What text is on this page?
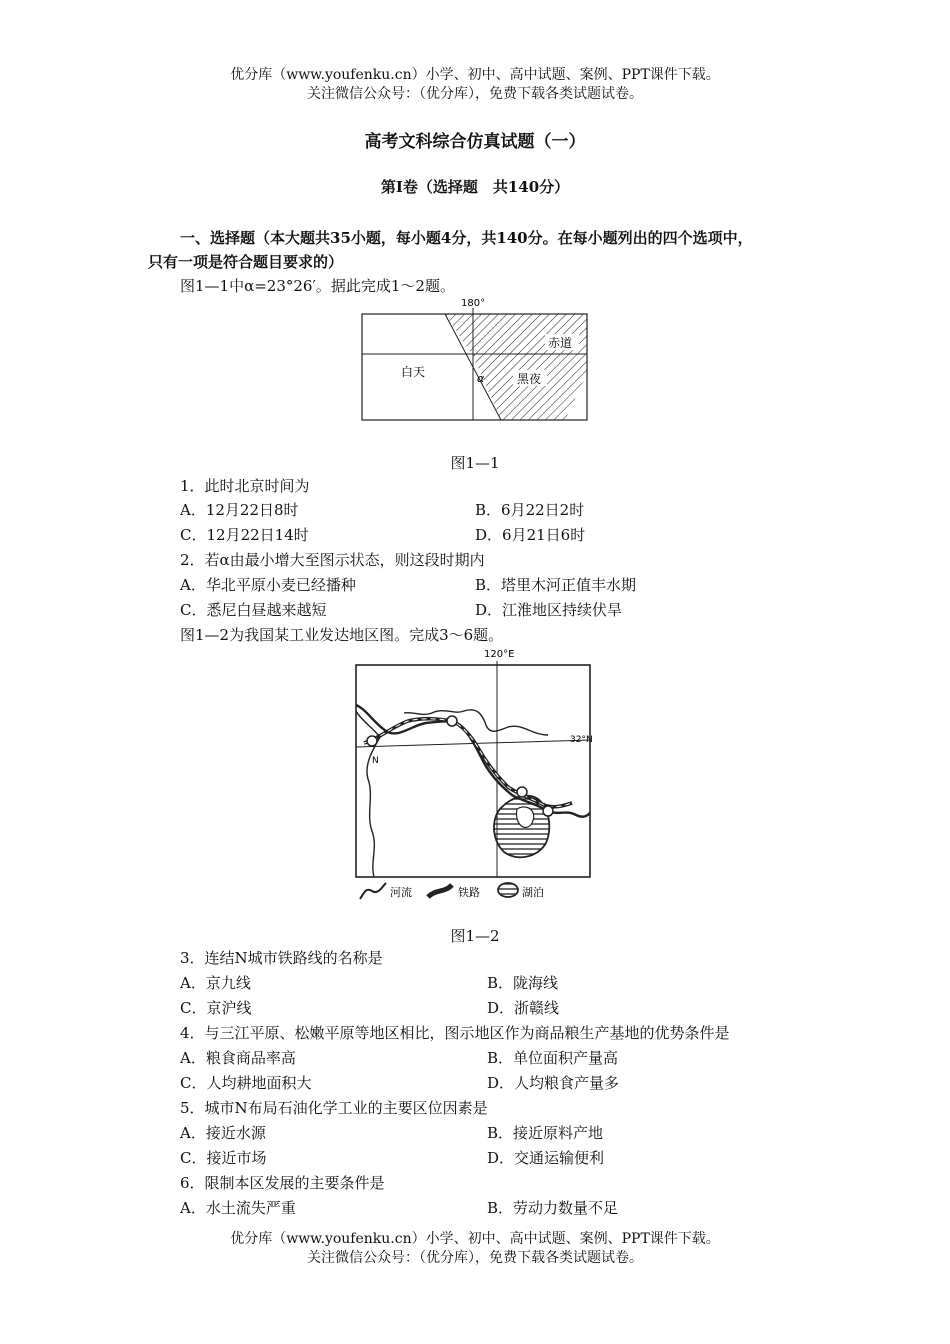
优分库（www.youfenku.cn）小学、初中、高中试题、案例、PPT课件下载。
关注微信公众号：（优分库），免费下载各类试题试卷。
高考文科综合仿真试题（一）
第Ⅰ卷（选择题　共140分）
一、选择题（本大题共35小题，每小题4分，共140分。在每小题列出的四个选项中，
只有一项是符合题目要求的）
图1—1中α=23°26′。据此完成1～2题。
180°
赤道
白天	黑夜
α
图1—1
1．此时北京时间为
A．12月22日8时	B．6月22日2时
C．12月22日14时	D．6月21日6时
2．若α由最小增大至图示状态，则这段时期内
A．华北平原小麦已经播种	B．塔里木河正值丰水期
C．悉尼白昼越来越短	D．江淮地区持续伏旱
图1—2为我国某工业发达地区图。完成3～6题。
120°E
32°N
N
河流	铁路	湖泊
图1—2
3．连结N城市铁路线的名称是
A．京九线	B．陇海线
C．京沪线	D．浙赣线
4．与三江平原、松嫩平原等地区相比，图示地区作为商品粮生产基地的优势条件是
A．粮食商品率高	B．单位面积产量高
C．人均耕地面积大	D．人均粮食产量多
5．城市N布局石油化学工业的主要区位因素是
A．接近水源	B．接近原料产地
C．接近市场	D．交通运输便利
6．限制本区发展的主要条件是
A．水土流失严重	B．劳动力数量不足
优分库（www.youfenku.cn）小学、初中、高中试题、案例、PPT课件下载。
关注微信公众号：（优分库），免费下载各类试题试卷。
